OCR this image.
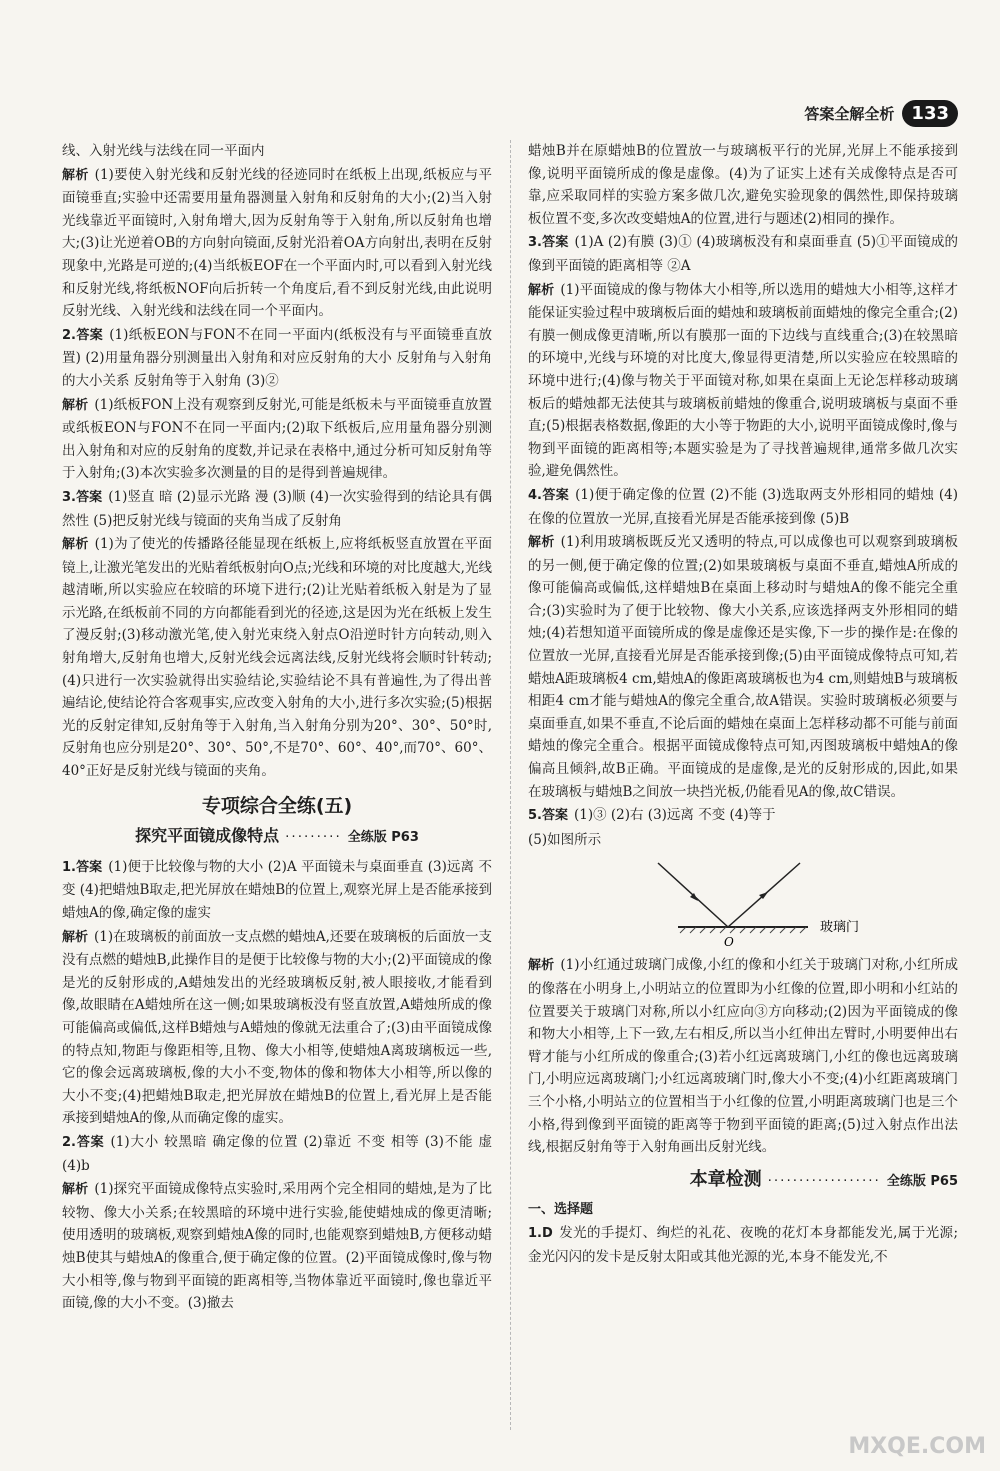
答案全解全析 133

线、入射光线与法线在同一平面内

解析 (1)要使入射光线和反射光线的径迹同时在纸板上出现,纸板应与平面镜垂直;实验中还需要用量角器测量入射角和反射角的大小;(2)当入射光线靠近平面镜时,入射角增大,因为反射角等于入射角,所以反射角也增大;(3)让光逆着OB的方向射向镜面,反射光沿着OA方向射出,表明在反射现象中,光路是可逆的;(4)当纸板EOF在一个平面内时,可以看到入射光线和反射光线,将纸板NOF向后折转一个角度后,看不到反射光线,由此说明反射光线、入射光线和法线在同一个平面内。

2.答案 (1)纸板EON与FON不在同一平面内(纸板没有与平面镜垂直放置) (2)用量角器分别测量出入射角和对应反射角的大小 反射角与入射角的大小关系 反射角等于入射角 (3)②

解析 (1)纸板FON上没有观察到反射光,可能是纸板未与平面镜垂直放置或纸板EON与FON不在同一平面内;(2)取下纸板后,应用量角器分别测出入射角和对应的反射角的度数,并记录在表格中,通过分析可知反射角等于入射角;(3)本次实验多次测量的目的是得到普遍规律。

3.答案 (1)竖直 暗 (2)显示光路 漫 (3)顺 (4)一次实验得到的结论具有偶然性 (5)把反射光线与镜面的夹角当成了反射角

解析 (1)为了使光的传播路径能显现在纸板上,应将纸板竖直放置在平面镜上,让激光笔发出的光贴着纸板射向O点;光线和环境的对比度越大,光线越清晰,所以实验应在较暗的环境下进行;(2)让光贴着纸板入射是为了显示光路,在纸板前不同的方向都能看到光的径迹,这是因为光在纸板上发生了漫反射;(3)移动激光笔,使入射光束绕入射点O沿逆时针方向转动,则入射角增大,反射角也增大,反射光线会远离法线,反射光线将会顺时针转动;(4)只进行一次实验就得出实验结论,实验结论不具有普遍性,为了得出普遍结论,使结论符合客观事实,应改变入射角的大小,进行多次实验;(5)根据光的反射定律知,反射角等于入射角,当入射角分别为20°、30°、50°时,反射角也应分别是20°、30°、50°,不是70°、60°、40°,而70°、60°、40°正好是反射光线与镜面的夹角。

专项综合全练(五)
探究平面镜成像特点 ········· 全练版 P63

1.答案 (1)便于比较像与物的大小 (2)A 平面镜未与桌面垂直 (3)远离 不变 (4)把蜡烛B取走,把光屏放在蜡烛B的位置上,观察光屏上是否能承接到蜡烛A的像,确定像的虚实

解析 (1)在玻璃板的前面放一支点燃的蜡烛A,还要在玻璃板的后面放一支没有点燃的蜡烛B,此操作目的是便于比较像与物的大小;(2)平面镜成的像是光的反射形成的,A蜡烛发出的光经玻璃板反射,被人眼接收,才能看到像,故眼睛在A蜡烛所在这一侧;如果玻璃板没有竖直放置,A蜡烛所成的像可能偏高或偏低,这样B蜡烛与A蜡烛的像就无法重合了;(3)由平面镜成像的特点知,物距与像距相等,且物、像大小相等,使蜡烛A离玻璃板远一些,它的像会远离玻璃板,像的大小不变,物体的像和物体大小相等,所以像的大小不变;(4)把蜡烛B取走,把光屏放在蜡烛B的位置上,看光屏上是否能承接到蜡烛A的像,从而确定像的虚实。

2.答案 (1)大小 较黑暗 确定像的位置 (2)靠近 不变 相等 (3)不能 虚 (4)b

解析 (1)探究平面镜成像特点实验时,采用两个完全相同的蜡烛,是为了比较物、像大小关系;在较黑暗的环境中进行实验,能使蜡烛成的像更清晰;使用透明的玻璃板,观察到蜡烛A像的同时,也能观察到蜡烛B,方便移动蜡烛B使其与蜡烛A的像重合,便于确定像的位置。(2)平面镜成像时,像与物大小相等,像与物到平面镜的距离相等,当物体靠近平面镜时,像也靠近平面镜,像的大小不变。(3)撤去

蜡烛B并在原蜡烛B的位置放一与玻璃板平行的光屏,光屏上不能承接到像,说明平面镜所成的像是虚像。(4)为了证实上述有关成像特点是否可靠,应采取同样的实验方案多做几次,避免实验现象的偶然性,即保持玻璃板位置不变,多次改变蜡烛A的位置,进行与题述(2)相同的操作。

3.答案 (1)A (2)有膜 (3)① (4)玻璃板没有和桌面垂直 (5)①平面镜成的像到平面镜的距离相等 ②A

解析 (1)平面镜成的像与物体大小相等,所以选用的蜡烛大小相等,这样才能保证实验过程中玻璃板后面的蜡烛和玻璃板前面蜡烛的像完全重合;(2)有膜一侧成像更清晰,所以有膜那一面的下边线与直线重合;(3)在较黑暗的环境中,光线与环境的对比度大,像显得更清楚,所以实验应在较黑暗的环境中进行;(4)像与物关于平面镜对称,如果在桌面上无论怎样移动玻璃板后的蜡烛都无法使其与玻璃板前蜡烛的像重合,说明玻璃板与桌面不垂直;(5)根据表格数据,像距的大小等于物距的大小,说明平面镜成像时,像与物到平面镜的距离相等;本题实验是为了寻找普遍规律,通常多做几次实验,避免偶然性。

4.答案 (1)便于确定像的位置 (2)不能 (3)选取两支外形相同的蜡烛 (4)在像的位置放一光屏,直接看光屏是否能承接到像 (5)B

解析 (1)利用玻璃板既反光又透明的特点,可以成像也可以观察到玻璃板的另一侧,便于确定像的位置;(2)如果玻璃板与桌面不垂直,蜡烛A所成的像可能偏高或偏低,这样蜡烛B在桌面上移动时与蜡烛A的像不能完全重合;(3)实验时为了便于比较物、像大小关系,应该选择两支外形相同的蜡烛;(4)若想知道平面镜所成的像是虚像还是实像,下一步的操作是:在像的位置放一光屏,直接看光屏是否能承接到像;(5)由平面镜成像特点可知,若蜡烛A距玻璃板4 cm,蜡烛A的像距离玻璃板也为4 cm,则蜡烛B与玻璃板相距4 cm才能与蜡烛A的像完全重合,故A错误。实验时玻璃板必须要与桌面垂直,如果不垂直,不论后面的蜡烛在桌面上怎样移动都不可能与前面蜡烛的像完全重合。根据平面镜成像特点可知,丙图玻璃板中蜡烛A的像偏高且倾斜,故B正确。平面镜成的是虚像,是光的反射形成的,因此,如果在玻璃板与蜡烛B之间放一块挡光板,仍能看见A的像,故C错误。

5.答案 (1)③ (2)右 (3)远离 不变 (4)等于

(5)如图所示

O
玻璃门

解析 (1)小红通过玻璃门成像,小红的像和小红关于玻璃门对称,小红所成的像落在小明身上,小明站立的位置即为小红像的位置,即小明和小红站的位置要关于玻璃门对称,所以小红应向③方向移动;(2)因为平面镜成的像和物大小相等,上下一致,左右相反,所以当小红伸出左臂时,小明要伸出右臂才能与小红所成的像重合;(3)若小红远离玻璃门,小红的像也远离玻璃门,小明应远离玻璃门;小红远离玻璃门时,像大小不变;(4)小红距离玻璃门三个小格,小明站立的位置相当于小红像的位置,小明距离玻璃门也是三个小格,得到像到平面镜的距离等于物到平面镜的距离;(5)过入射点作出法线,根据反射角等于入射角画出反射光线。

本章检测 ·················· 全练版 P65
一、选择题

1.D 发光的手提灯、绚烂的礼花、夜晚的花灯本身都能发光,属于光源;金光闪闪的发卡是反射太阳或其他光源的光,本身不能发光,不

MXQE.COM
